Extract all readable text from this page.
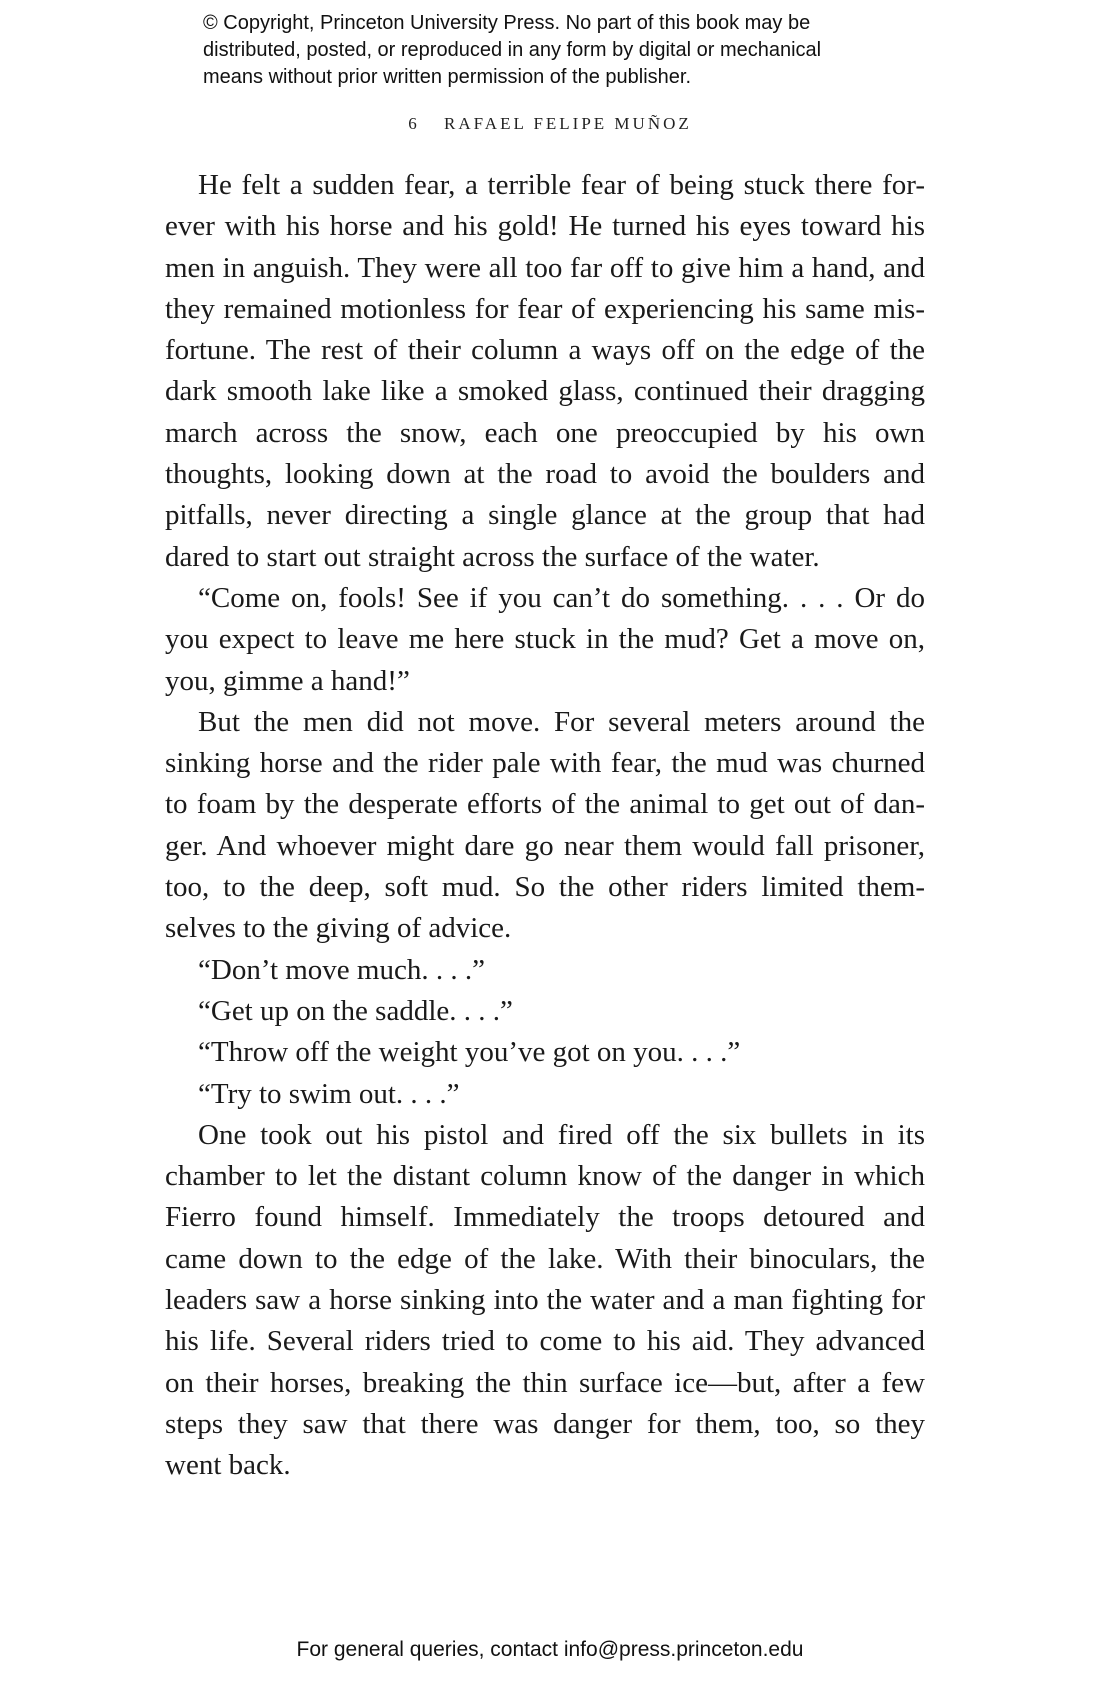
© Copyright, Princeton University Press. No part of this book may be
distributed, posted, or reproduced in any form by digital or mechanical
means without prior written permission of the publisher.
6 RAFAEL FELIPE MUÑOZ
He felt a sudden fear, a terrible fear of being stuck there for-
ever with his horse and his gold! He turned his eyes toward his
men in anguish. They were all too far off to give him a hand, and
they remained motionless for fear of experiencing his same mis-
fortune. The rest of their column a ways off on the edge of the
dark smooth lake like a smoked glass, continued their dragging
march across the snow, each one preoccupied by his own
thoughts, looking down at the road to avoid the boulders and
pitfalls, never directing a single glance at the group that had
dared to start out straight across the surface of the water.
“Come on, fools! See if you can’t do something. . . . Or do
you expect to leave me here stuck in the mud? Get a move on,
you, gimme a hand!”
But the men did not move. For several meters around the
sinking horse and the rider pale with fear, the mud was churned
to foam by the desperate efforts of the animal to get out of dan-
ger. And whoever might dare go near them would fall prisoner,
too, to the deep, soft mud. So the other riders limited them-
selves to the giving of advice.
“Don’t move much. . . .”
“Get up on the saddle. . . .”
“Throw off the weight you’ve got on you. . . .”
“Try to swim out. . . .”
One took out his pistol and fired off the six bullets in its
chamber to let the distant column know of the danger in which
Fierro found himself. Immediately the troops detoured and
came down to the edge of the lake. With their binoculars, the
leaders saw a horse sinking into the water and a man fighting for
his life. Several riders tried to come to his aid. They advanced
on their horses, breaking the thin surface ice—but, after a few
steps they saw that there was danger for them, too, so they
went back.
For general queries, contact info@press.princeton.edu
